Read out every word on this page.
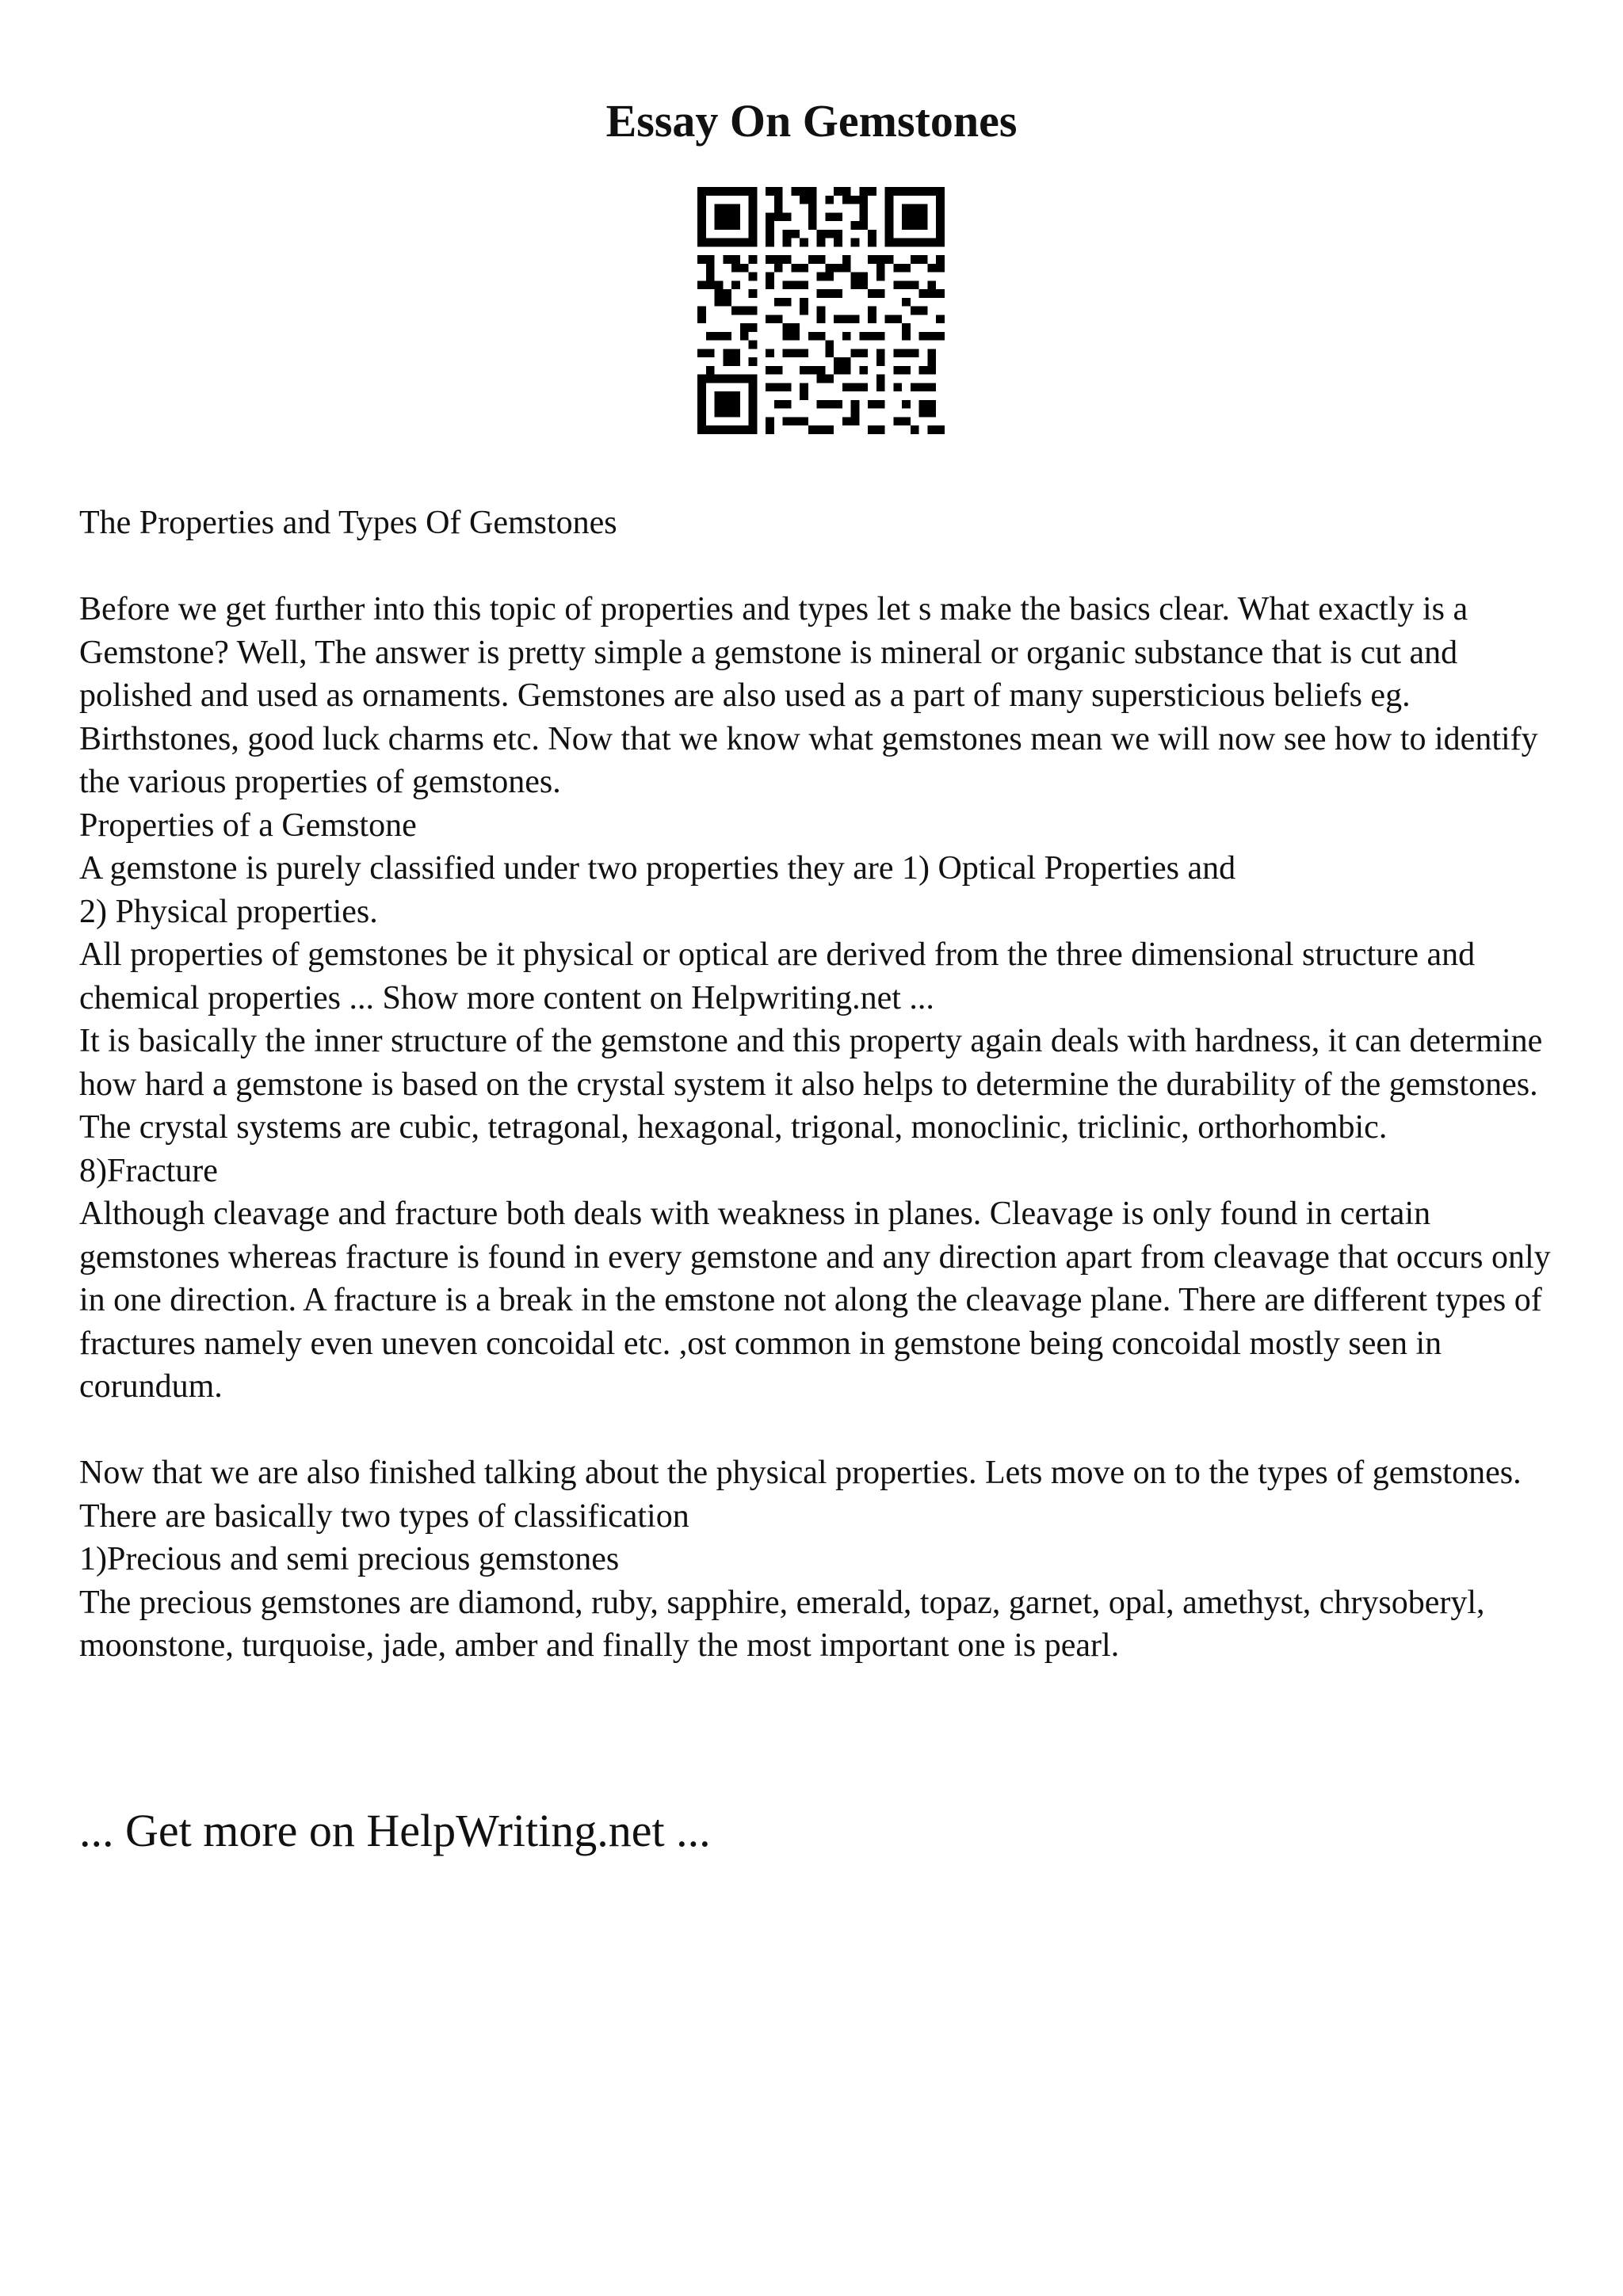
Essay On Gemstones

The Properties and Types Of Gemstones

Before we get further into this topic of properties and types let s make the basics clear. What exactly is a Gemstone? Well, The answer is pretty simple a gemstone is mineral or organic substance that is cut and polished and used as ornaments. Gemstones are also used as a part of many supersticious beliefs eg. Birthstones, good luck charms etc. Now that we know what gemstones mean we will now see how to identify the various properties of gemstones.

Properties of a Gemstone

A gemstone is purely classified under two properties they are 1) Optical Properties and

2) Physical properties.

All properties of gemstones be it physical or optical are derived from the three dimensional structure and chemical properties ... Show more content on Helpwriting.net ...

It is basically the inner structure of the gemstone and this property again deals with hardness, it can determine how hard a gemstone is based on the crystal system it also helps to determine the durability of the gemstones. The crystal systems are cubic, tetragonal, hexagonal, trigonal, monoclinic, triclinic, orthorhombic.

8)Fracture

Although cleavage and fracture both deals with weakness in planes. Cleavage is only found in certain gemstones whereas fracture is found in every gemstone and any direction apart from cleavage that occurs only in one direction. A fracture is a break in the emstone not along the cleavage plane. There are different types of fractures namely even uneven concoidal etc. ,ost common in gemstone being concoidal mostly seen in corundum.

Now that we are also finished talking about the physical properties. Lets move on to the types of gemstones.

There are basically two types of classification

1)Precious and semi precious gemstones

The precious gemstones are diamond, ruby, sapphire, emerald, topaz, garnet, opal, amethyst, chrysoberyl, moonstone, turquoise, jade, amber and finally the most important one is pearl.

... Get more on HelpWriting.net ...
